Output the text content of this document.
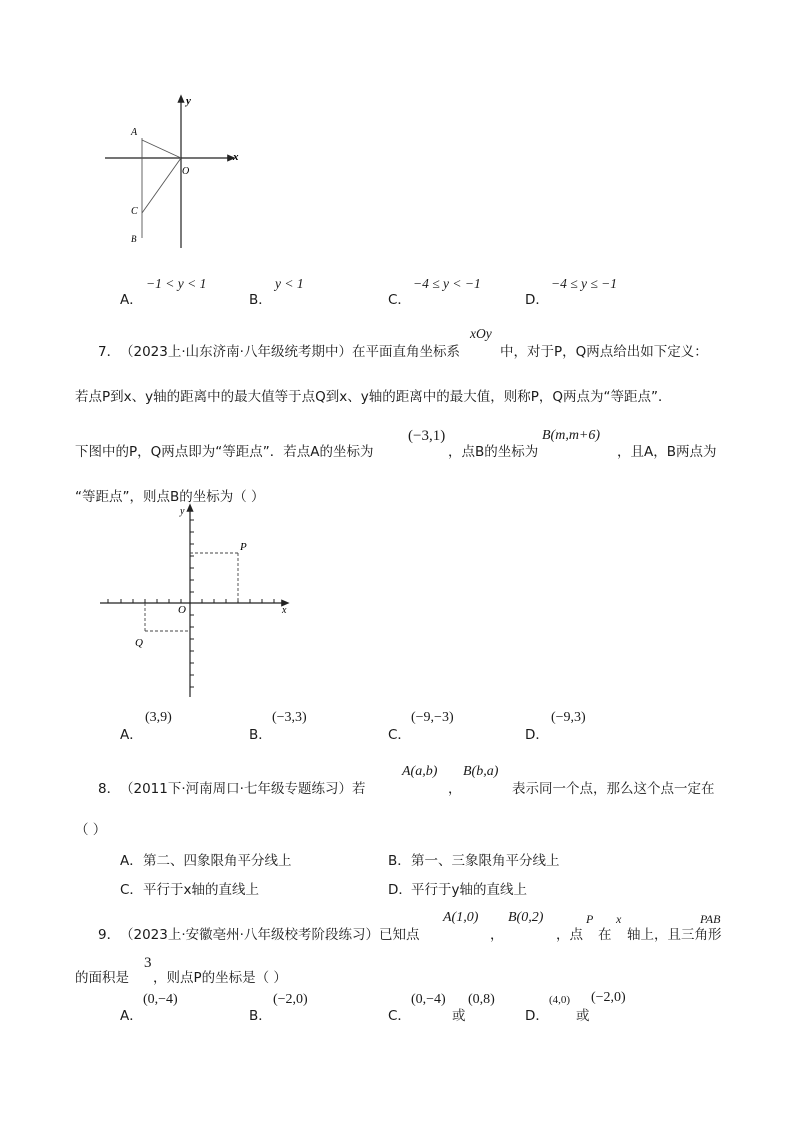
y
A
x
O
C
B
A．
−1 < y < 1
B．
y < 1
C．
−4 ≤ y < −1
D．
−4 ≤ y ≤ −1
7． （2023上·山东济南·八年级统考期中）在平面直角坐标系
xOy
中，对于P，Q两点给出如下定义：
若点P到x、y轴的距离中的最大值等于点Q到x、y轴的距离中的最大值，则称P，Q两点为“等距点”．
下图中的P，Q两点即为“等距点”．若点A的坐标为
(−3,1)
，点B的坐标为
B(m,m+6)
，且A，B两点为
“等距点”，则点B的坐标为（ ）
y
P
O	x
Q
A．
(3,9)
B．
(−3,3)
C．
(−9,−3)
D．
(−9,3)
8． （2011下·河南周口·七年级专题练习）若
A(a,b)
，
B(b,a)
表示同一个点，那么这个点一定在
（ ）
A． 第二、四象限角平分线上	B． 第一、三象限角平分线上
C． 平行于x轴的直线上	D． 平行于y轴的直线上
9． （2023上·安徽亳州·八年级校考阶段练习）已知点
A(1,0)
，
B(0,2)
，点
P
在
x
轴上，且三角形
PAB
的面积是
3
，则点P的坐标是（ ）
A．
(0,−4)
B．
(−2,0)
C．
(0,−4)
或
(0,8)
D．
(4,0)
或
(−2,0)
